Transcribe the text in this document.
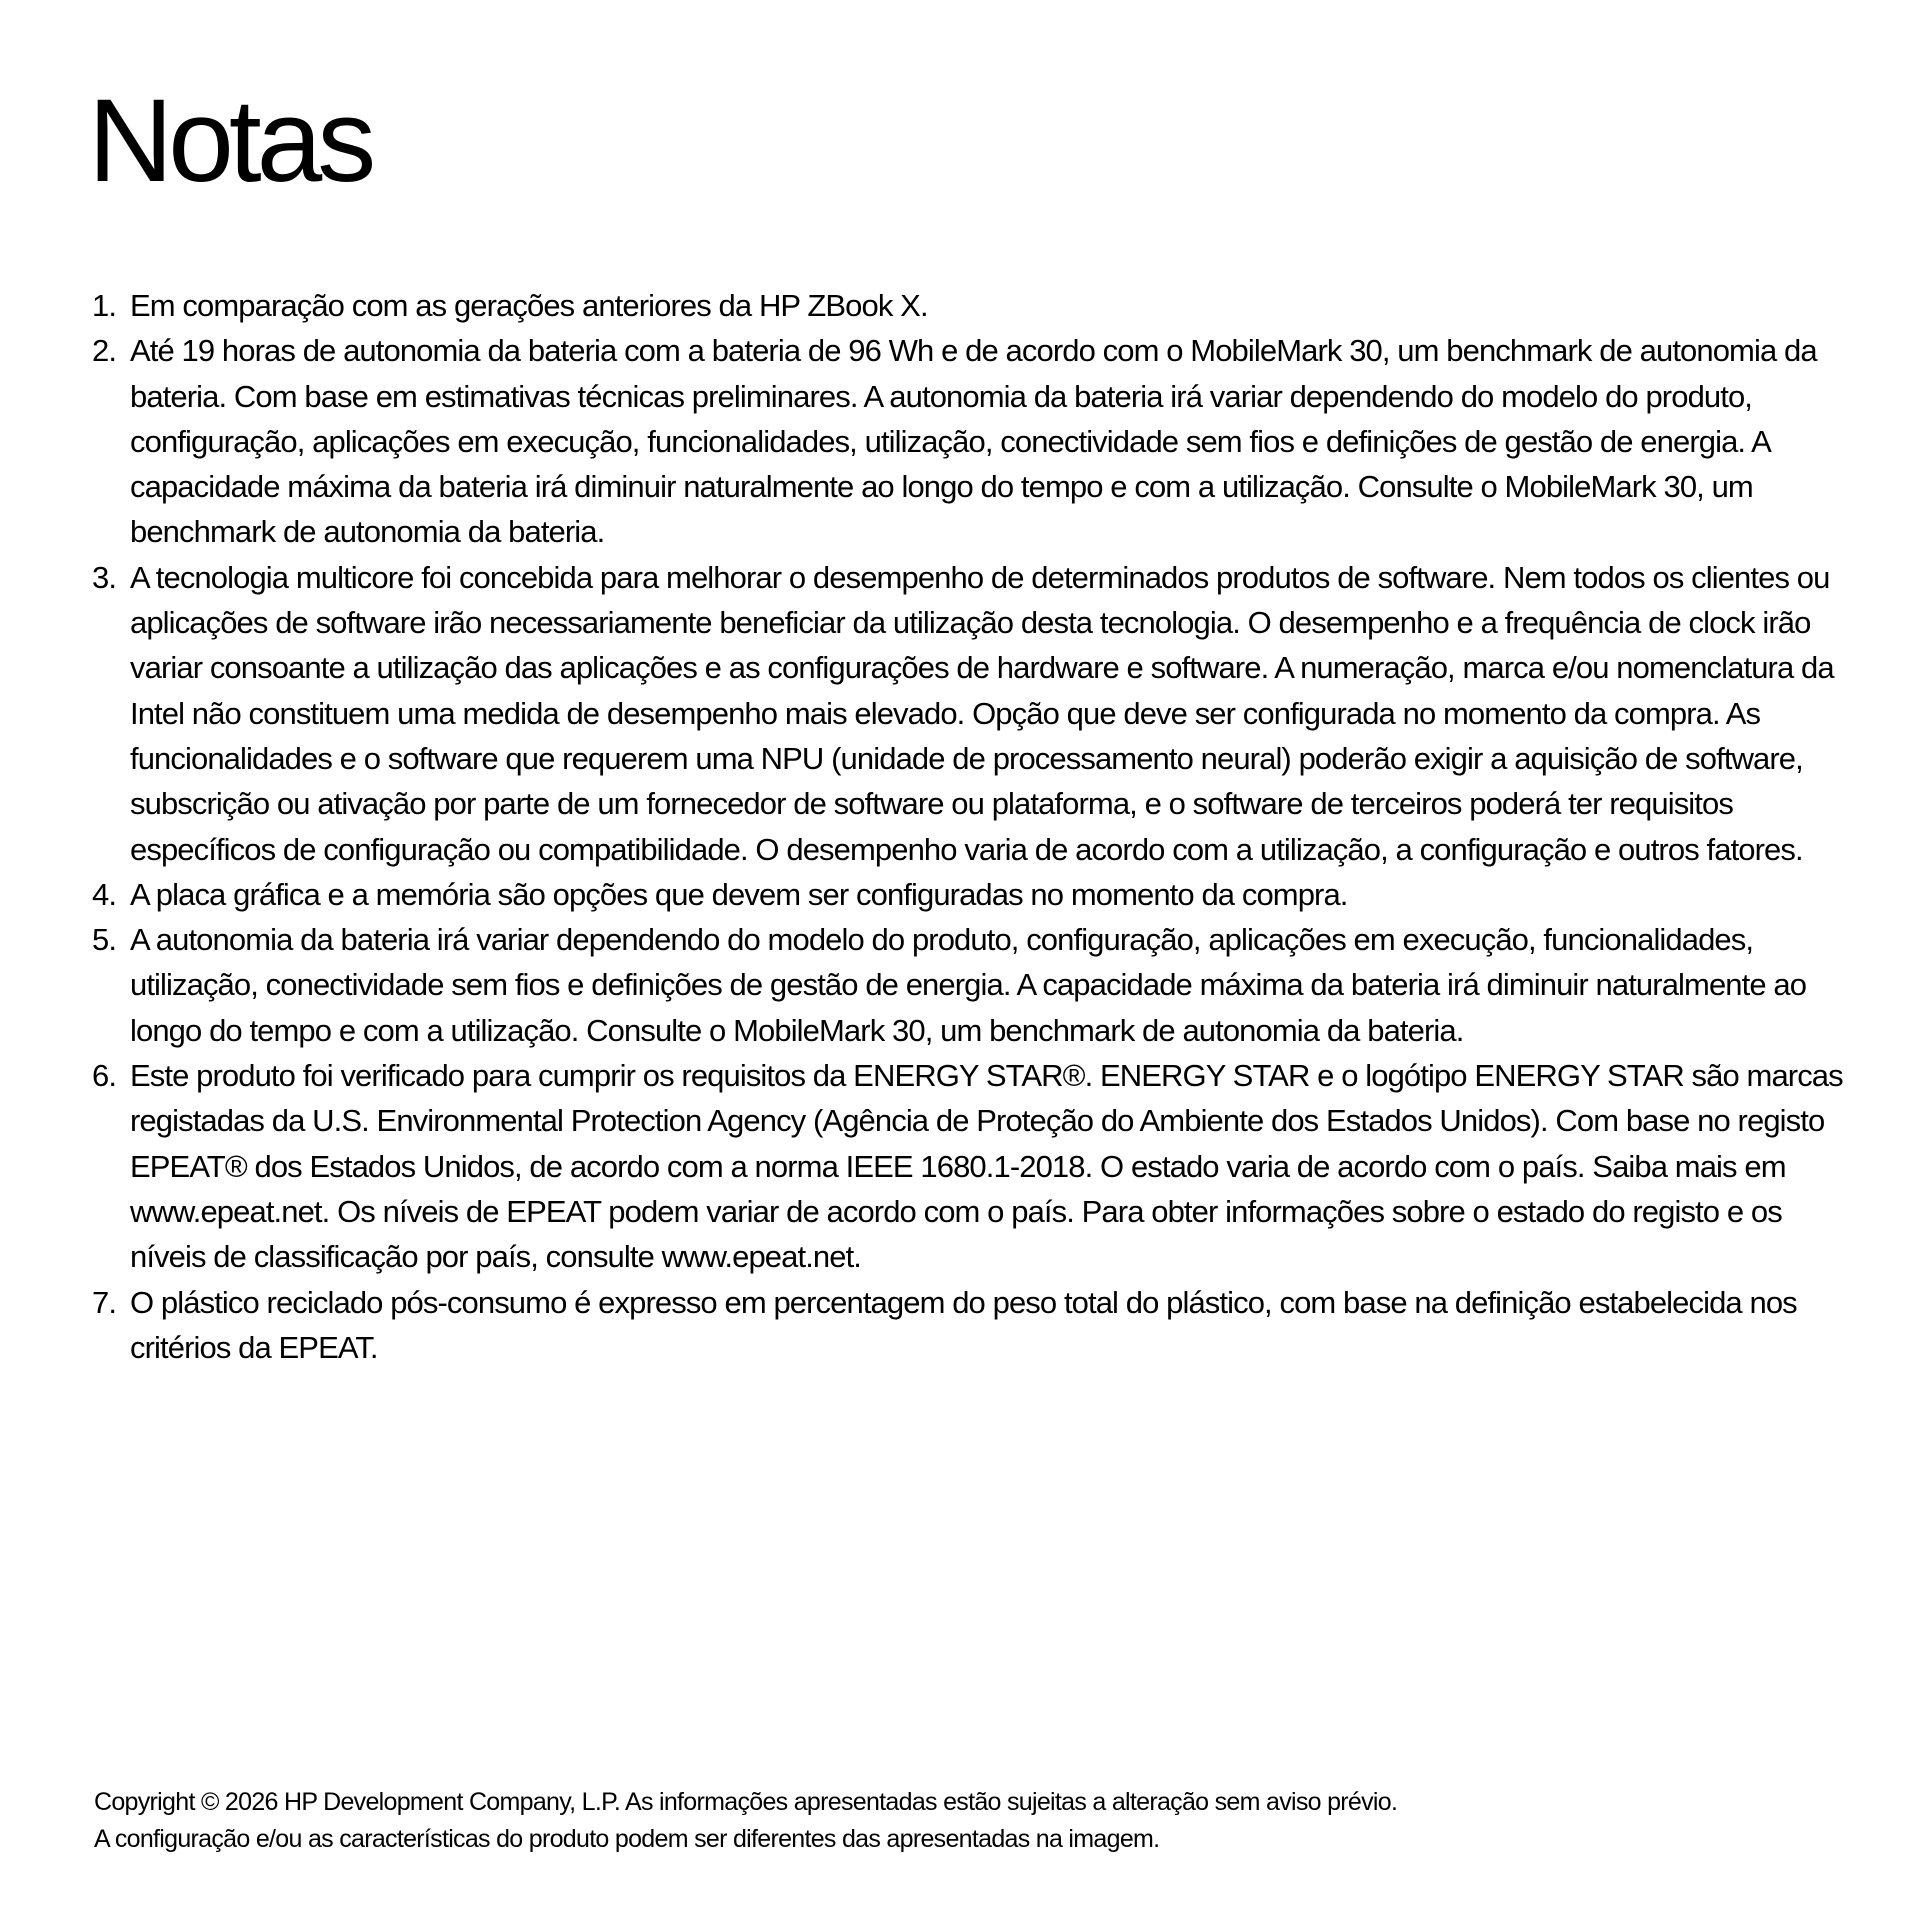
Notas
1. Em comparação com as gerações anteriores da HP ZBook X.
2. Até 19 horas de autonomia da bateria com a bateria de 96 Wh e de acordo com o MobileMark 30, um benchmark de autonomia da bateria. Com base em estimativas técnicas preliminares. A autonomia da bateria irá variar dependendo do modelo do produto, configuração, aplicações em execução, funcionalidades, utilização, conectividade sem fios e definições de gestão de energia. A capacidade máxima da bateria irá diminuir naturalmente ao longo do tempo e com a utilização. Consulte o MobileMark 30, um benchmark de autonomia da bateria.
3. A tecnologia multicore foi concebida para melhorar o desempenho de determinados produtos de software. Nem todos os clientes ou aplicações de software irão necessariamente beneficiar da utilização desta tecnologia. O desempenho e a frequência de clock irão variar consoante a utilização das aplicações e as configurações de hardware e software. A numeração, marca e/ou nomenclatura da Intel não constituem uma medida de desempenho mais elevado. Opção que deve ser configurada no momento da compra. As funcionalidades e o software que requerem uma NPU (unidade de processamento neural) poderão exigir a aquisição de software, subscrição ou ativação por parte de um fornecedor de software ou plataforma, e o software de terceiros poderá ter requisitos específicos de configuração ou compatibilidade. O desempenho varia de acordo com a utilização, a configuração e outros fatores.
4. A placa gráfica e a memória são opções que devem ser configuradas no momento da compra.
5. A autonomia da bateria irá variar dependendo do modelo do produto, configuração, aplicações em execução, funcionalidades, utilização, conectividade sem fios e definições de gestão de energia. A capacidade máxima da bateria irá diminuir naturalmente ao longo do tempo e com a utilização. Consulte o MobileMark 30, um benchmark de autonomia da bateria.
6. Este produto foi verificado para cumprir os requisitos da ENERGY STAR®. ENERGY STAR e o logótipo ENERGY STAR são marcas registadas da U.S. Environmental Protection Agency (Agência de Proteção do Ambiente dos Estados Unidos). Com base no registo EPEAT® dos Estados Unidos, de acordo com a norma IEEE 1680.1-2018. O estado varia de acordo com o país. Saiba mais em www.epeat.net. Os níveis de EPEAT podem variar de acordo com o país. Para obter informações sobre o estado do registo e os níveis de classificação por país, consulte www.epeat.net.
7. O plástico reciclado pós-consumo é expresso em percentagem do peso total do plástico, com base na definição estabelecida nos critérios da EPEAT.

Copyright © 2026 HP Development Company, L.P. As informações apresentadas estão sujeitas a alteração sem aviso prévio.

A configuração e/ou as características do produto podem ser diferentes das apresentadas na imagem.
